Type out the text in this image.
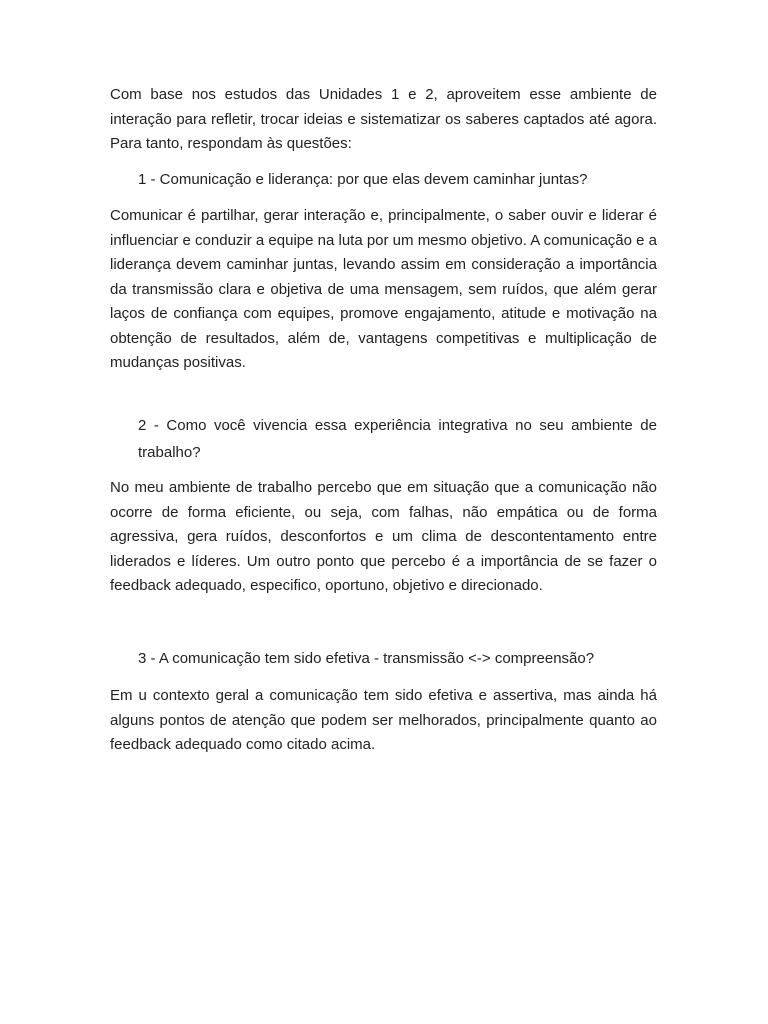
Com base nos estudos das Unidades 1 e 2, aproveitem esse ambiente de interação para refletir, trocar ideias e sistematizar os saberes captados até agora. Para tanto, respondam às questões:

1 - Comunicação e liderança: por que elas devem caminhar juntas?

Comunicar é partilhar, gerar interação e, principalmente, o saber ouvir e liderar é influenciar e conduzir a equipe na luta por um mesmo objetivo. A comunicação e a liderança devem caminhar juntas, levando assim em consideração a importância da transmissão clara e objetiva de uma mensagem, sem ruídos, que além gerar laços de confiança com equipes, promove engajamento, atitude e motivação na obtenção de resultados, além de, vantagens competitivas e multiplicação de mudanças positivas.

2 - Como você vivencia essa experiência integrativa no seu ambiente de trabalho?

No meu ambiente de trabalho percebo que em situação que a comunicação não ocorre de forma eficiente, ou seja, com falhas, não empática ou de forma agressiva, gera ruídos, desconfortos e um clima de descontentamento entre liderados e líderes. Um outro ponto que percebo é a importância de se fazer o feedback adequado, especifico, oportuno, objetivo e direcionado.

3 - A comunicação tem sido efetiva - transmissão <-> compreensão?

Em u contexto geral a comunicação tem sido efetiva e assertiva, mas ainda há alguns pontos de atenção que podem ser melhorados, principalmente quanto ao feedback adequado como citado acima.
